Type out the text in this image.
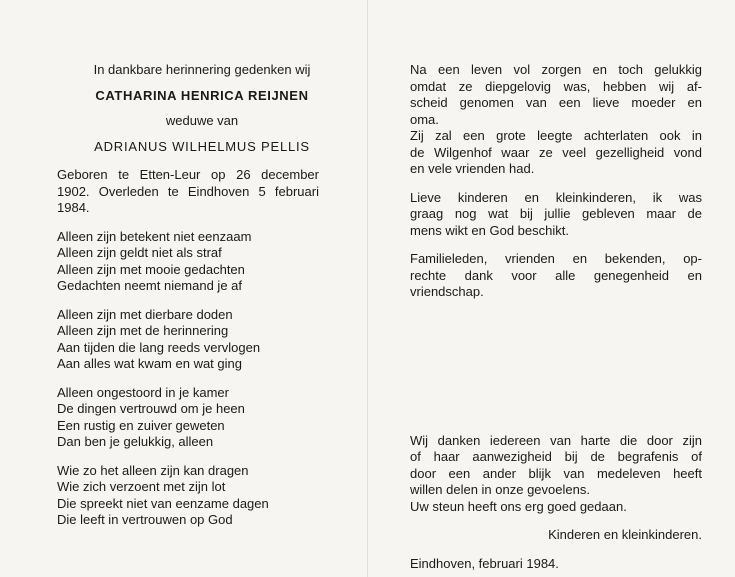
In dankbare herinnering gedenken wij
CATHARINA HENRICA REIJNEN
weduwe van
ADRIANUS WILHELMUS PELLIS
Geboren te Etten-Leur op 26 december
1902. Overleden te Eindhoven 5 februari
1984.
Alleen zijn betekent niet eenzaam
Alleen zijn geldt niet als straf
Alleen zijn met mooie gedachten
Gedachten neemt niemand je af
Alleen zijn met dierbare doden
Alleen zijn met de herinnering
Aan tijden die lang reeds vervlogen
Aan alles wat kwam en wat ging
Alleen ongestoord in je kamer
De dingen vertrouwd om je heen
Een rustig en zuiver geweten
Dan ben je gelukkig, alleen
Wie zo het alleen zijn kan dragen
Wie zich verzoent met zijn lot
Die spreekt niet van eenzame dagen
Die leeft in vertrouwen op God
Na een leven vol zorgen en toch gelukkig
omdat ze diepgelovig was, hebben wij af-
scheid genomen van een lieve moeder en
oma.
Zij zal een grote leegte achterlaten ook in
de Wilgenhof waar ze veel gezelligheid vond
en vele vrienden had.
Lieve kinderen en kleinkinderen, ik was
graag nog wat bij jullie gebleven maar de
mens wikt en God beschikt.
Familieleden, vrienden en bekenden, op-
rechte dank voor alle genegenheid en
vriendschap.
Wij danken iedereen van harte die door zijn
of haar aanwezigheid bij de begrafenis of
door een ander blijk van medeleven heeft
willen delen in onze gevoelens.
Uw steun heeft ons erg goed gedaan.
Kinderen en kleinkinderen.
Eindhoven, februari 1984.
